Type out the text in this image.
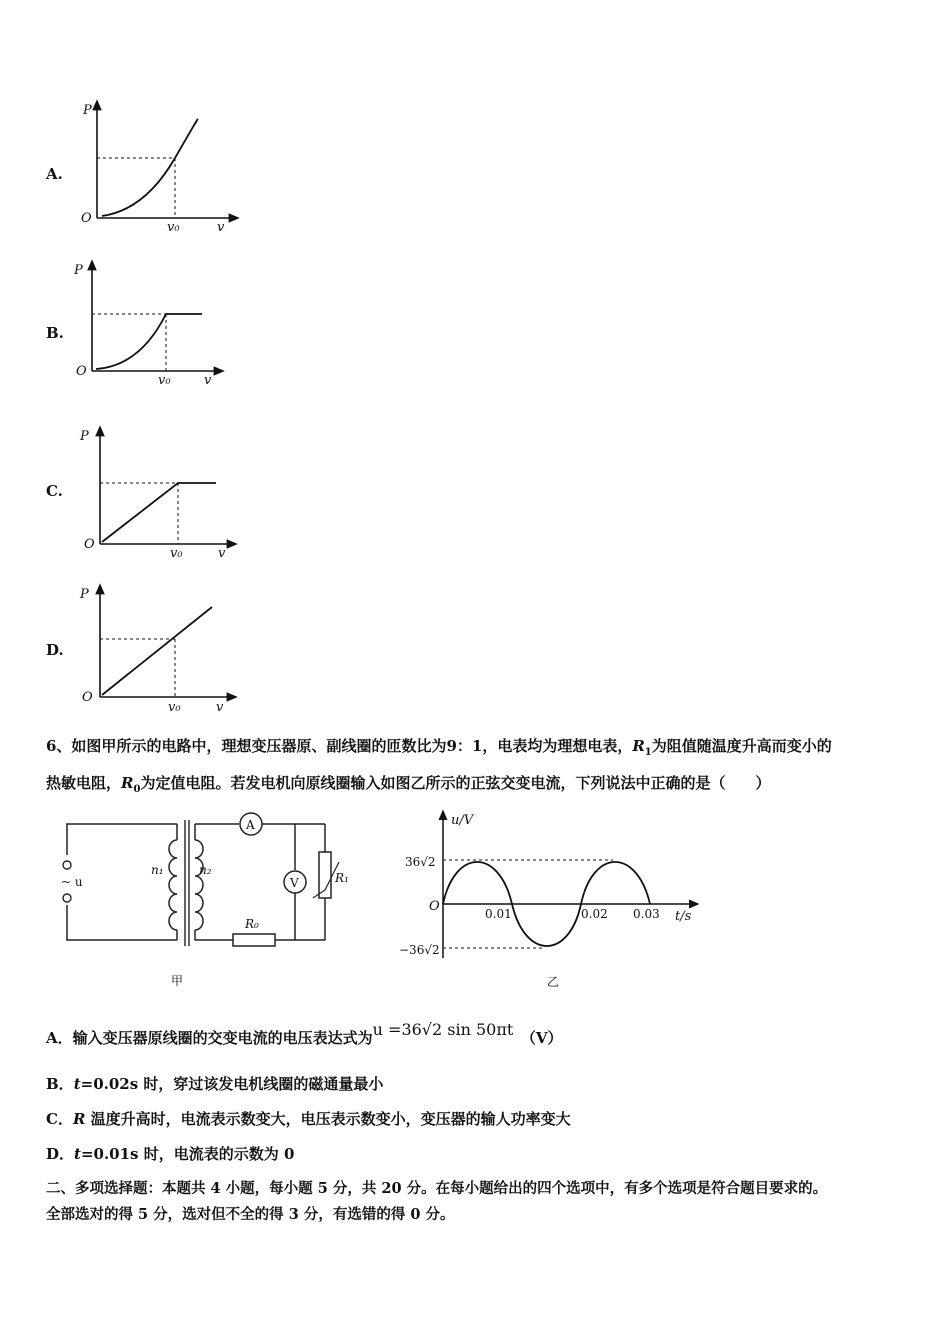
A.
P
O
v₀	v
B.
P
O
v₀	v
C.
P
O
v₀	v
D.
P
O
v₀	v
6、如图甲所示的电路中，理想变压器原、副线圈的匝数比为9：1，电表均为理想电表，$R_1$为阻值随温度升高而变小的
热敏电阻，$R_0$为定值电阻。若发电机向原线圈输入如图乙所示的正弦交变电流，下列说法中正确的是（　　）
~ u
n₁	n₂
A
V	R₁
R₀
甲
u/V
t/s
O
36√2
−36√2
0.01	0.02 0.03
乙
A．输入变压器原线圈的交变电流的电压表达式为u =36√2 sin 50πt　 （V）
B．t=0.02s 时，穿过该发电机线圈的磁通量最小
C．R 温度升高时，电流表示数变大，电压表示数变小，变压器的输人功率变大
D．t=0.01s 时，电流表的示数为 0
二、多项选择题：本题共 4 小题，每小题 5 分，共 20 分。在每小题给出的四个选项中，有多个选项是符合题目要求的。
全部选对的得 5 分，选对但不全的得 3 分，有选错的得 0 分。
